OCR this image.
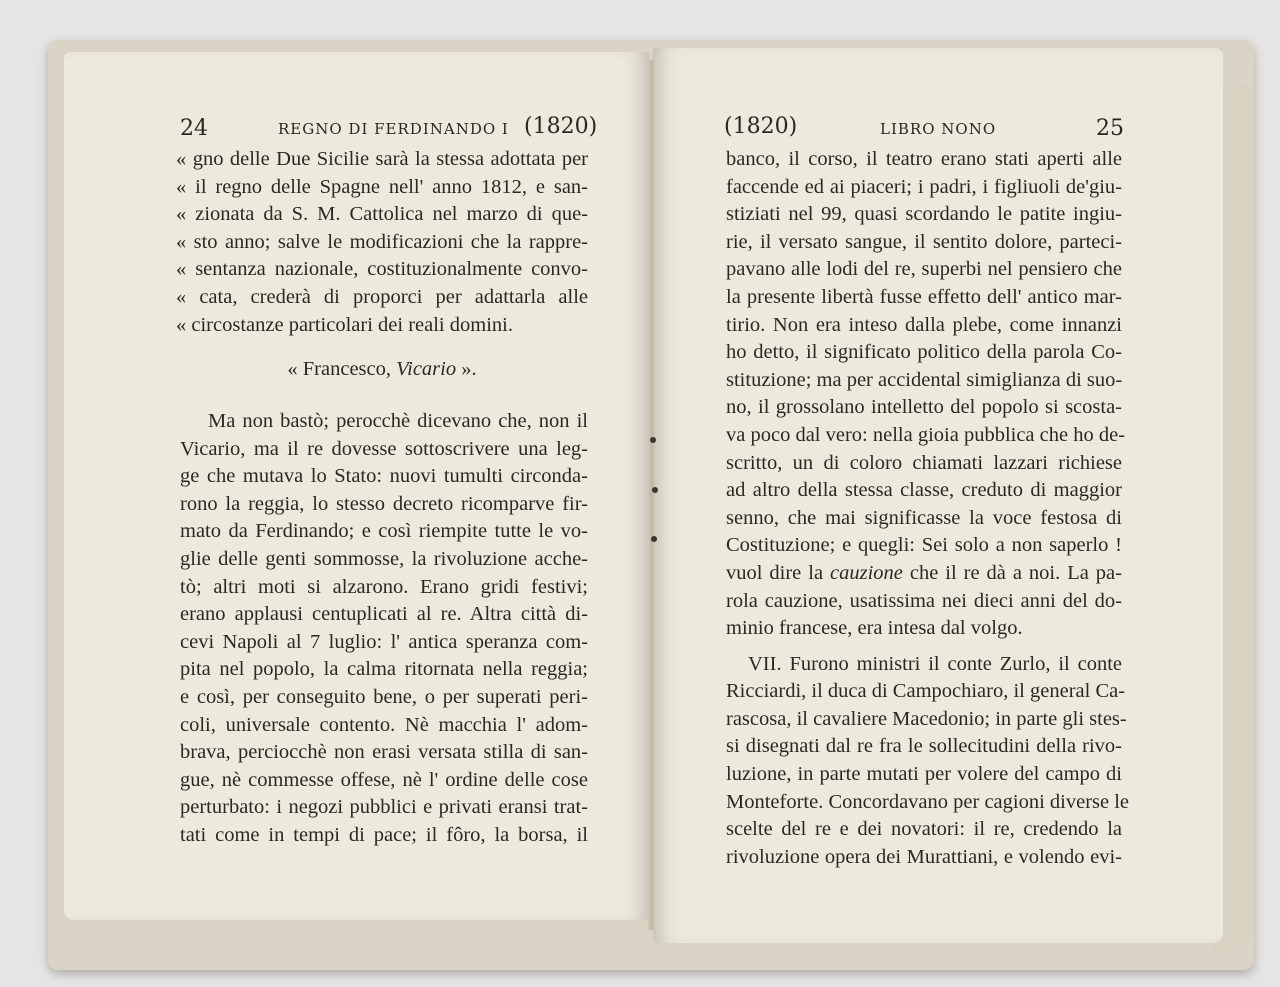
24	REGNO DI FERDINANDO I (1820)
« gno delle Due Sicilie sarà la stessa adottata per
« il regno delle Spagne nell' anno 1812, e san-
« zionata da S. M. Cattolica nel marzo di que-
« sto anno; salve le modificazioni che la rappre-
« sentanza nazionale, costituzionalmente convo-
« cata, crederà di proporci per adattarla alle
« circostanze particolari dei reali domini.
« Francesco, Vicario ».
Ma non bastò; perocchè dicevano che, non il
Vicario, ma il re dovesse sottoscrivere una leg-
ge che mutava lo Stato: nuovi tumulti circonda-
rono la reggia, lo stesso decreto ricomparve fir-
mato da Ferdinando; e così riempite tutte le vo-
glie delle genti sommosse, la rivoluzione acche-
tò; altri moti si alzarono. Erano gridi festivi;
erano applausi centuplicati al re. Altra città di-
cevi Napoli al 7 luglio: l' antica speranza com-
pita nel popolo, la calma ritornata nella reggia;
e così, per conseguito bene, o per superati peri-
coli, universale contento. Nè macchia l' adom-
brava, perciocchè non erasi versata stilla di san-
gue, nè commesse offese, nè l' ordine delle cose
perturbato: i negozi pubblici e privati eransi trat-
tati come in tempi di pace; il fôro, la borsa, il
(1820)	LIBRO NONO	25
banco, il corso, il teatro erano stati aperti alle
faccende ed ai piaceri; i padri, i figliuoli de'giu-
stiziati nel 99, quasi scordando le patite ingiu-
rie, il versato sangue, il sentito dolore, parteci-
pavano alle lodi del re, superbi nel pensiero che
la presente libertà fusse effetto dell' antico mar-
tirio. Non era inteso dalla plebe, come innanzi
ho detto, il significato politico della parola Co-
stituzione; ma per accidental simiglianza di suo-
no, il grossolano intelletto del popolo si scosta-
va poco dal vero: nella gioia pubblica che ho de-
scritto, un di coloro chiamati lazzari richiese
ad altro della stessa classe, creduto di maggior
senno, che mai significasse la voce festosa di
Costituzione; e quegli: Sei solo a non saperlo !
vuol dire la cauzione che il re dà a noi. La pa-
rola cauzione, usatissima nei dieci anni del do-
minio francese, era intesa dal volgo.
VII. Furono ministri il conte Zurlo, il conte
Ricciardi, il duca di Campochiaro, il general Ca-
rascosa, il cavaliere Macedonio; in parte gli stes-
si disegnati dal re fra le sollecitudini della rivo-
luzione, in parte mutati per volere del campo di
Monteforte. Concordavano per cagioni diverse le
scelte del re e dei novatori: il re, credendo la
rivoluzione opera dei Murattiani, e volendo evi-
